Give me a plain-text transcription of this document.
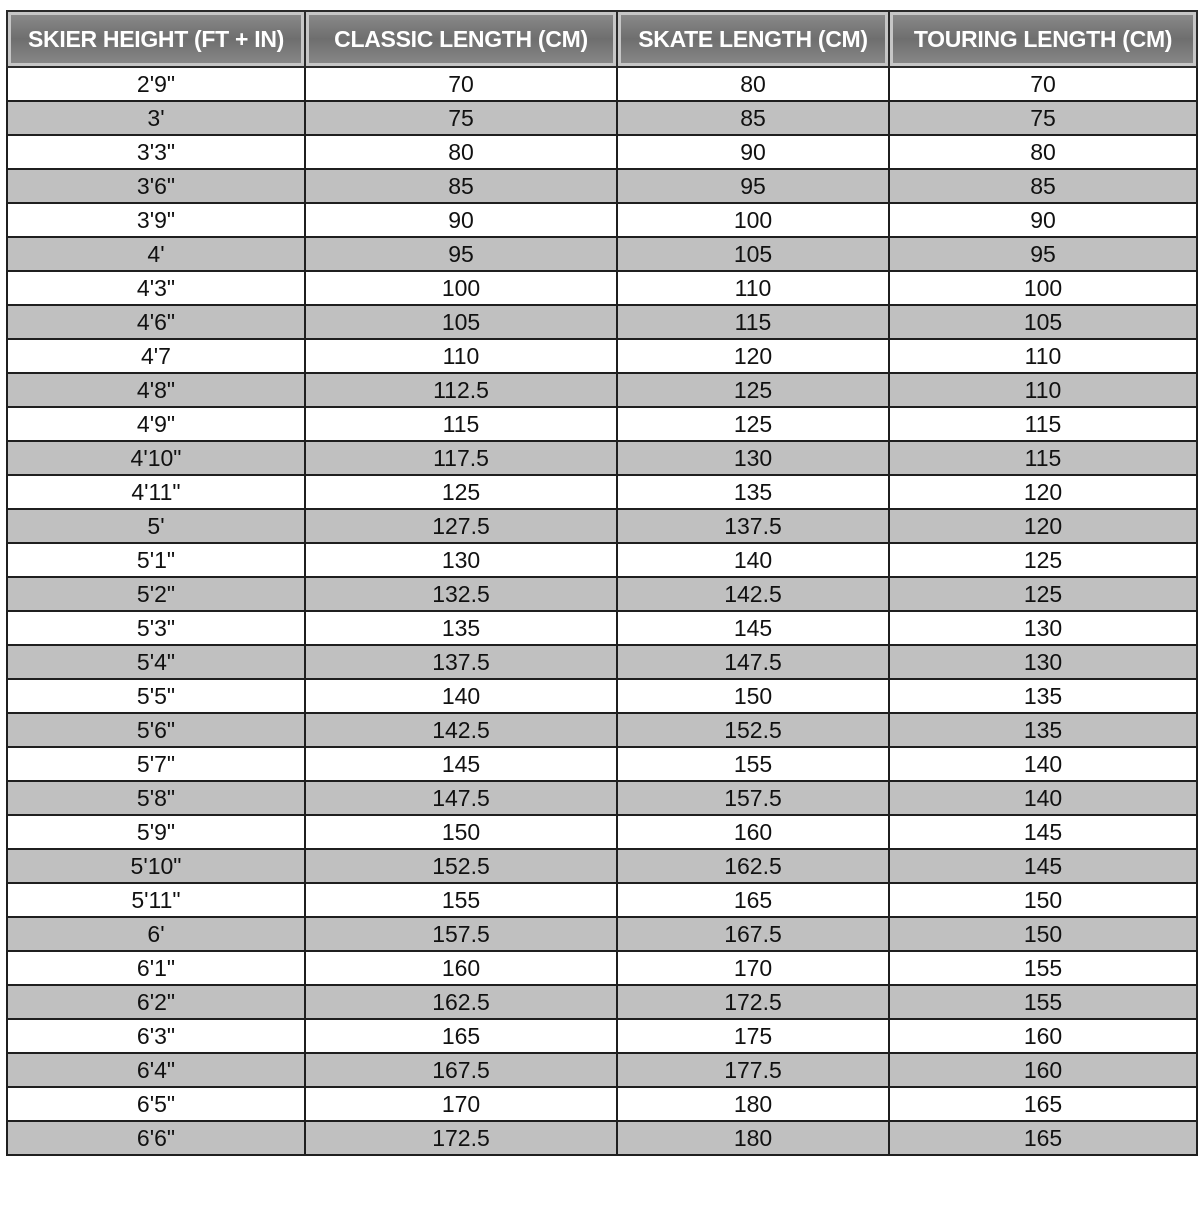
SKIER HEIGHT (FT + IN)	CLASSIC LENGTH (CM)	SKATE LENGTH (CM)	TOURING LENGTH (CM)
2'9"	70	80	70
3'	75	85	75
3'3"	80	90	80
3'6"	85	95	85
3'9"	90	100	90
4'	95	105	95
4'3"	100	110	100
4'6"	105	115	105
4'7	110	120	110
4'8"	112.5	125	110
4'9"	115	125	115
4'10"	117.5	130	115
4'11"	125	135	120
5'	127.5	137.5	120
5'1"	130	140	125
5'2"	132.5	142.5	125
5'3"	135	145	130
5'4"	137.5	147.5	130
5'5"	140	150	135
5'6"	142.5	152.5	135
5'7"	145	155	140
5'8"	147.5	157.5	140
5'9"	150	160	145
5'10"	152.5	162.5	145
5'11"	155	165	150
6'	157.5	167.5	150
6'1"	160	170	155
6'2"	162.5	172.5	155
6'3"	165	175	160
6'4"	167.5	177.5	160
6'5"	170	180	165
6'6"	172.5	180	165
